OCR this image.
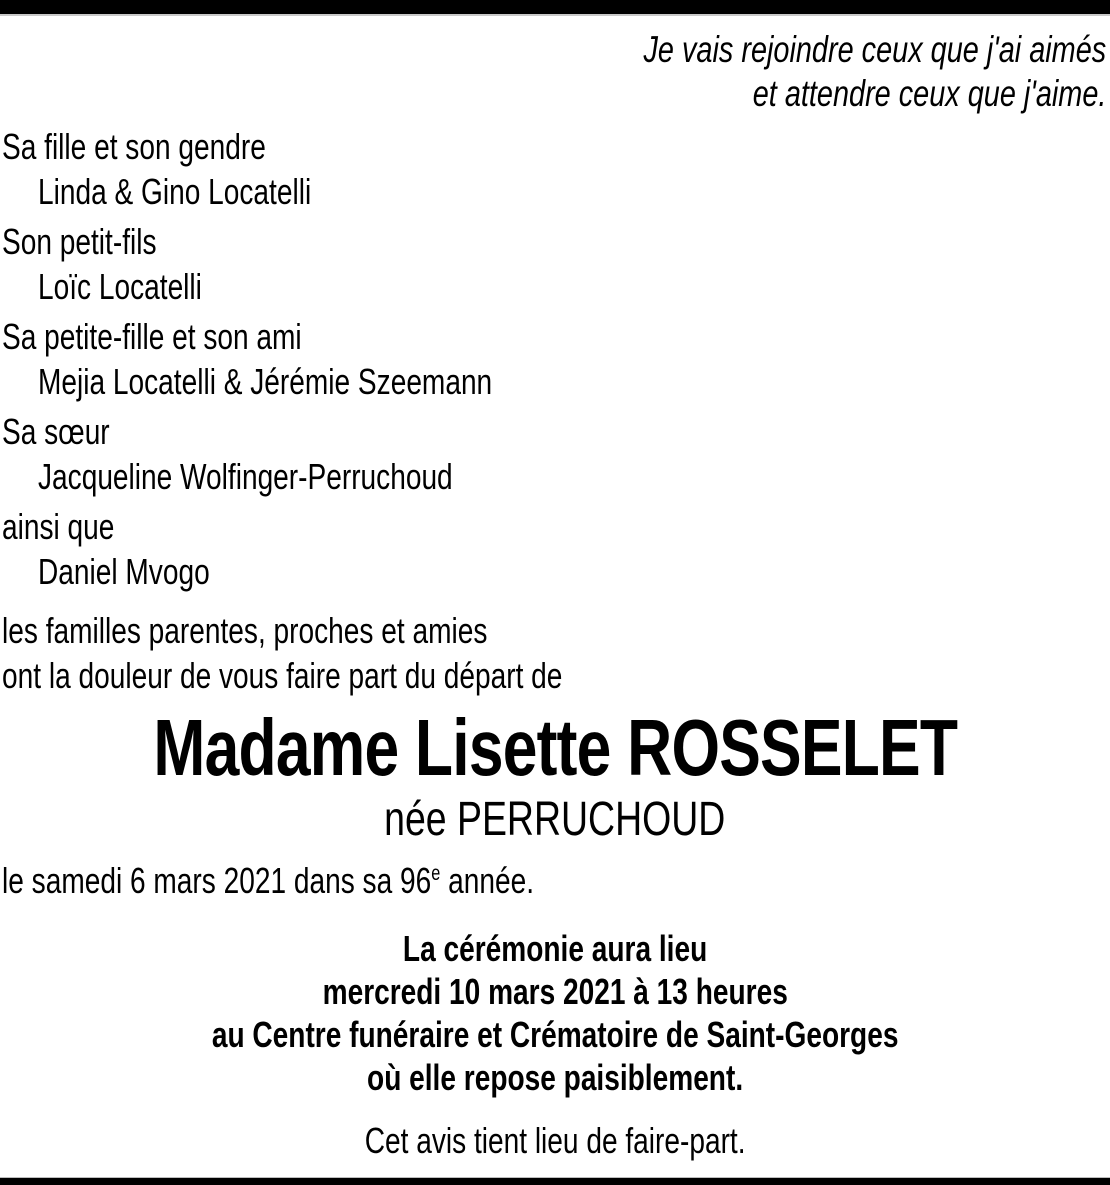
Je vais rejoindre ceux que j'ai aimés
et attendre ceux que j'aime.
Sa fille et son gendre
Linda & Gino Locatelli
Son petit-fils
Loïc Locatelli
Sa petite-fille et son ami
Mejia Locatelli & Jérémie Szeemann
Sa sœur
Jacqueline Wolfinger-Perruchoud
ainsi que
Daniel Mvogo
les familles parentes, proches et amies
ont la douleur de vous faire part du départ de
Madame Lisette ROSSELET
née PERRUCHOUD
le samedi 6 mars 2021 dans sa 96e année.
La cérémonie aura lieu
mercredi 10 mars 2021 à 13 heures
au Centre funéraire et Crématoire de Saint-Georges
où elle repose paisiblement.
Cet avis tient lieu de faire-part.
